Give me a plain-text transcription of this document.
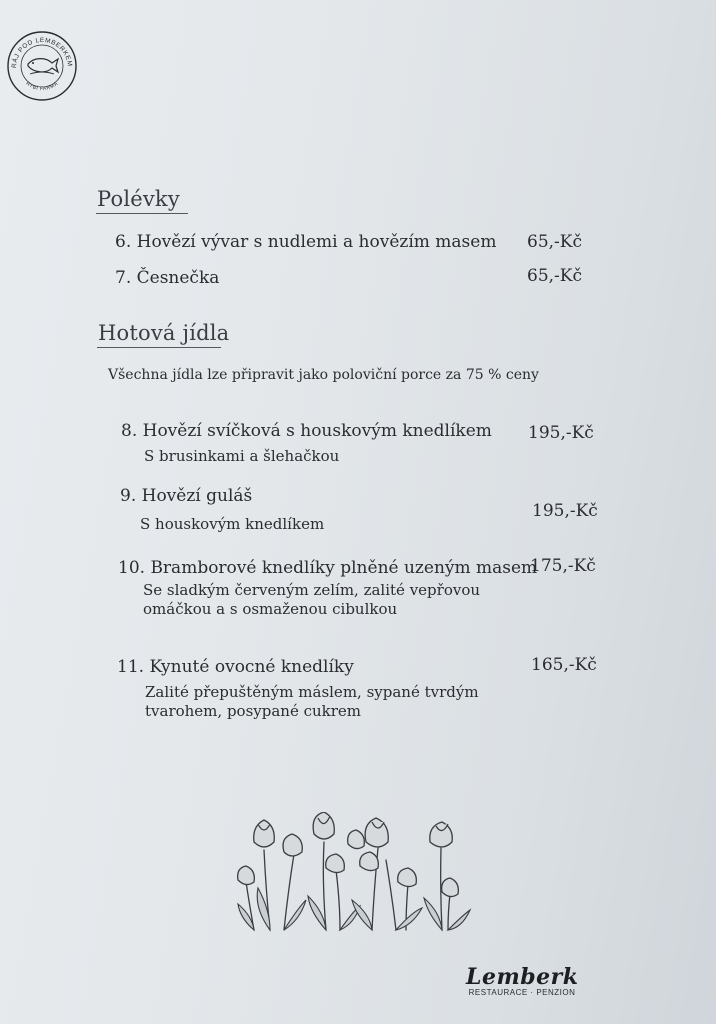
RÁJ POD LEMBERKEM
RYBÍ FARMA
Polévky
6. Hovězí vývar s nudlemi a hovězím masem 65,-Kč
7. Česnečka	65,-Kč
Hotová jídla
Všechna jídla lze připravit jako poloviční porce za 75 % ceny
8. Hovězí svíčková s houskovým knedlíkem 195,-Kč
S brusinkami a šlehačkou
9. Hovězí guláš
195,-Kč
S houskovým knedlíkem
10. Bramborové knedlíky plněné uzeným masem
175,-Kč
Se sladkým červeným zelím, zalité vepřovou omáčkou a s osmaženou cibulkou
11. Kynuté ovocné knedlíky	165,-Kč
Zalité přepuštěným máslem, sypané tvrdým tvarohem, posypané cukrem
Lemberk
RESTAURACE · PENZION
